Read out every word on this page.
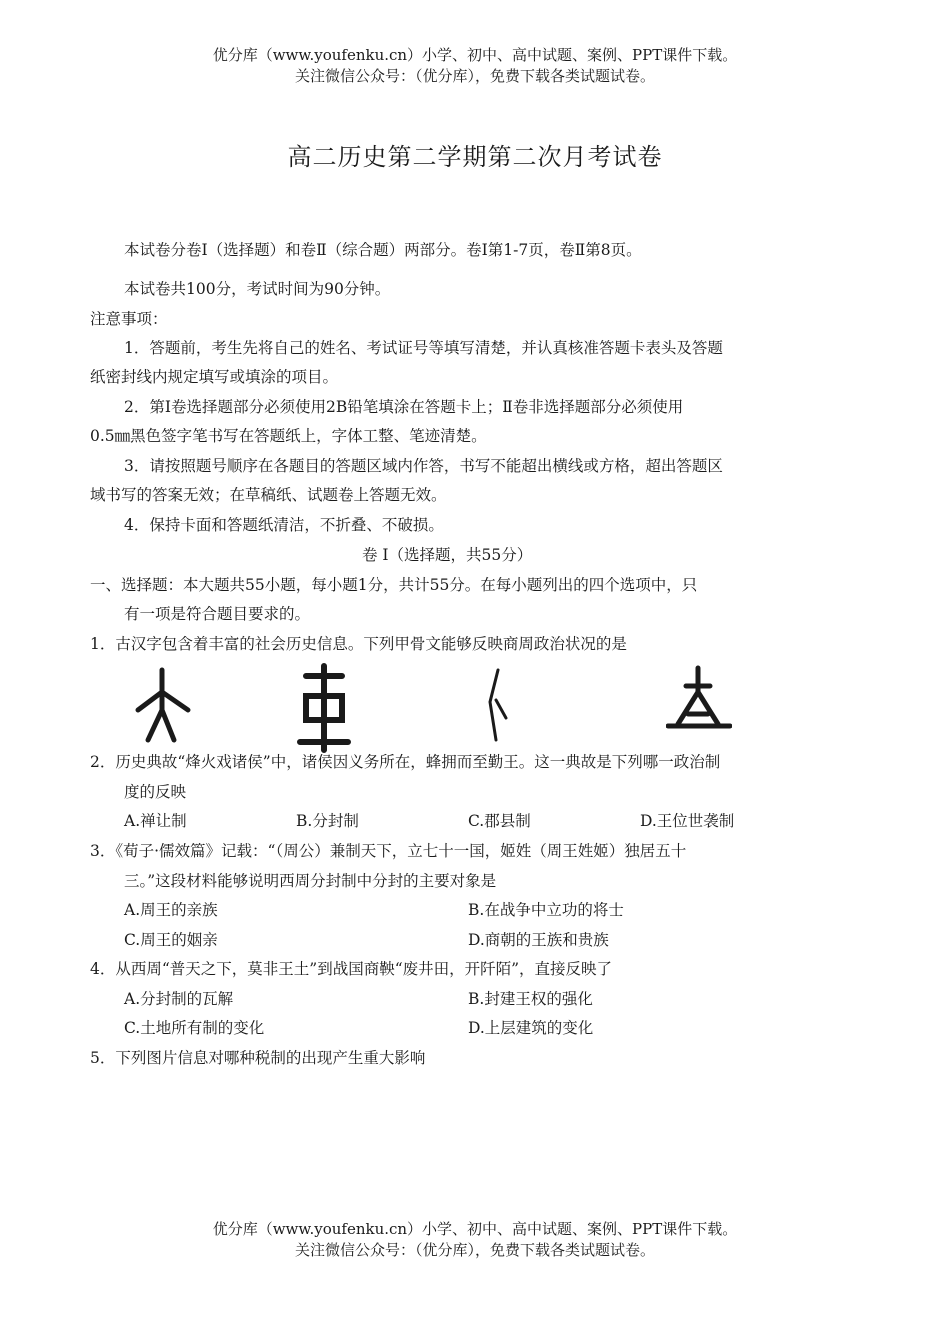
优分库（www.youfenku.cn）小学、初中、高中试题、案例、PPT课件下载。
关注微信公众号：（优分库），免费下载各类试题试卷。
高二历史第二学期第二次月考试卷
本试卷分卷Ⅰ（选择题）和卷Ⅱ（综合题）两部分。卷Ⅰ第1-7页，卷Ⅱ第8页。
本试卷共100分，考试时间为90分钟。
注意事项：
1．答题前，考生先将自己的姓名、考试证号等填写清楚，并认真核准答题卡表头及答题
纸密封线内规定填写或填涂的项目。
2．第Ⅰ卷选择题部分必须使用2B铅笔填涂在答题卡上；Ⅱ卷非选择题部分必须使用
0.5㎜黑色签字笔书写在答题纸上，字体工整、笔迹清楚。
3．请按照题号顺序在各题目的答题区域内作答，书写不能超出横线或方格，超出答题区
域书写的答案无效；在草稿纸、试题卷上答题无效。
4．保持卡面和答题纸清洁，不折叠、不破损。
卷 Ⅰ（选择题，共55分）
一、选择题：本大题共55小题，每小题1分，共计55分。在每小题列出的四个选项中，只
有一项是符合题目要求的。
1．古汉字包含着丰富的社会历史信息。下列甲骨文能够反映商周政治状况的是
2．历史典故“烽火戏诸侯”中，诸侯因义务所在，蜂拥而至勤王。这一典故是下列哪一政治制
度的反映
A.禅让制	B.分封制	C.郡县制	D.王位世袭制
3．《荀子·儒效篇》记载：“（周公）兼制天下，立七十一国，姬姓（周王姓姬）独居五十
三。”这段材料能够说明西周分封制中分封的主要对象是
A.周王的亲族	B.在战争中立功的将士
C.周王的姻亲	D.商朝的王族和贵族
4．从西周“普天之下，莫非王土”到战国商鞅“废井田，开阡陌”，直接反映了
A.分封制的瓦解	B.封建王权的强化
C.土地所有制的变化	D.上层建筑的变化
5．下列图片信息对哪种税制的出现产生重大影响
优分库（www.youfenku.cn）小学、初中、高中试题、案例、PPT课件下载。
关注微信公众号：（优分库），免费下载各类试题试卷。
